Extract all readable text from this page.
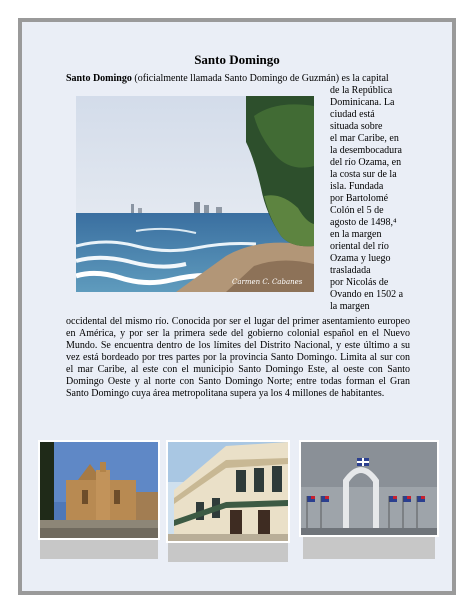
Santo Domingo
Santo Domingo (oficialmente llamada Santo Domingo de Guzmán) es la capital
Carmen C. Cabanes
de la República
Dominicana. La
ciudad está
situada sobre
el mar Caribe, en
la desembocadura
del río Ozama, en
la costa sur de la
isla. Fundada
por Bartolomé
Colón el 5 de
agosto de 1498,⁴
en la margen
oriental del río
Ozama y luego
trasladada
por Nicolás de
Ovando en 1502 a
la margen
occidental del mismo río. Conocida por ser el lugar del primer asentamiento europeo en América, y por ser la primera sede del gobierno colonial español en el Nuevo Mundo. Se encuentra dentro de los límites del Distrito Nacional, y este último a su vez está bordeado por tres partes por la provincia Santo Domingo. Limita al sur con el mar Caribe, al este con el municipio Santo Domingo Este, al oeste con Santo Domingo Oeste y al norte con Santo Domingo Norte; entre todas forman el Gran Santo Domingo cuya área metropolitana supera ya los 4 millones de habitantes.
